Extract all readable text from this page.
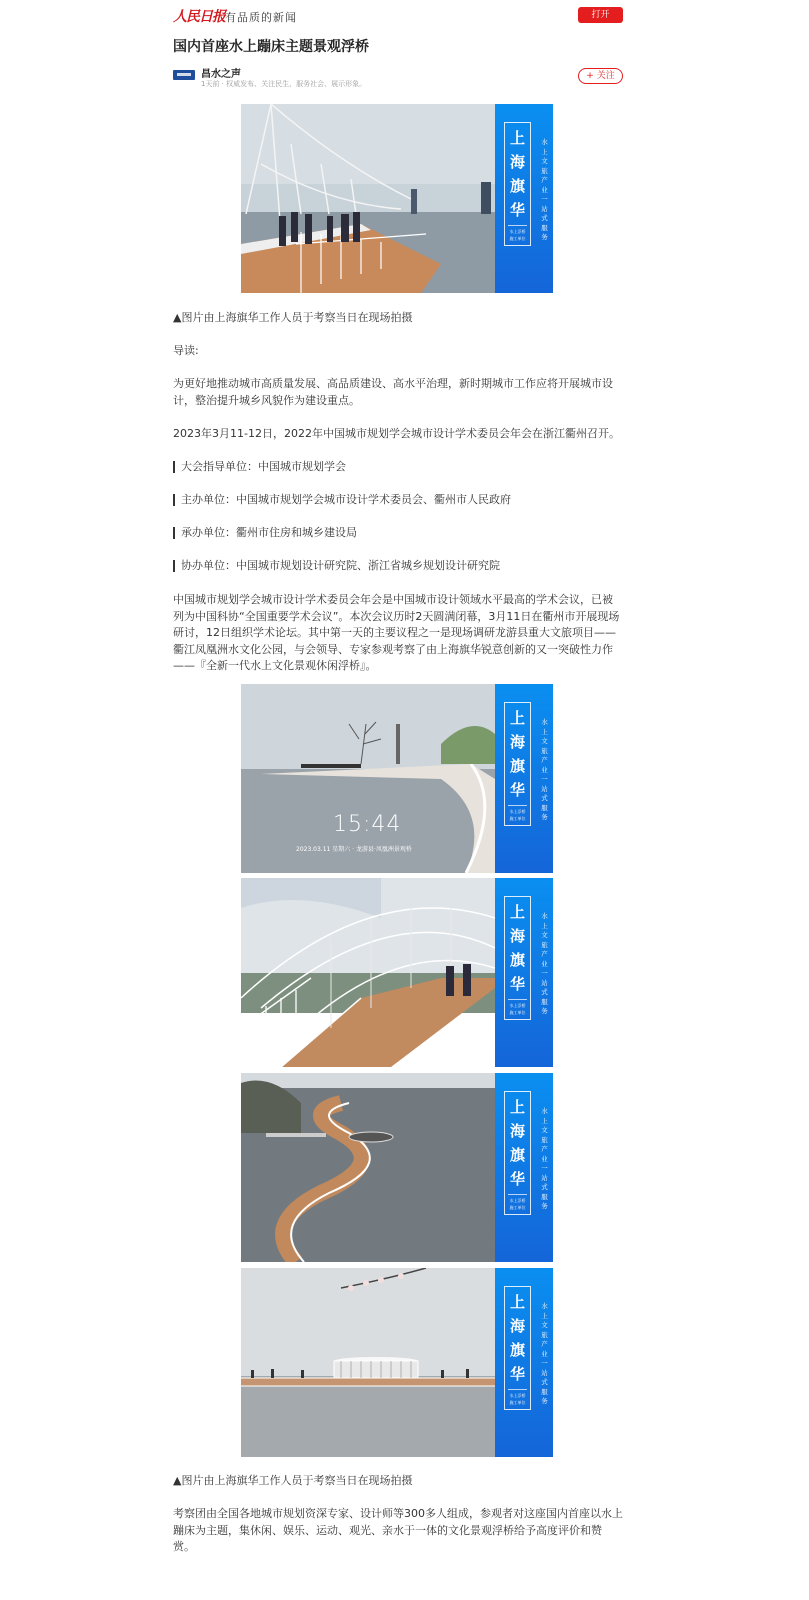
人民日报 有品质的新闻	打开
国内首座水上蹦床主题景观浮桥
昌水之声
1天前 · 权威发布、关注民生、服务社会、展示形象。
+ 关注
上
海
旗
华
水上浮桥
施工单位
水上文旅产业一站式服务
▲图片由上海旗华工作人员于考察当日在现场拍摄
导读:
为更好地推动城市高质量发展、高品质建设、高水平治理，新时期城市工作应将开展城市设计，整治提升城乡风貌作为建设重点。
2023年3月11-12日，2022年中国城市规划学会城市设计学术委员会年会在浙江衢州召开。
大会指导单位：中国城市规划学会
主办单位：中国城市规划学会城市设计学术委员会、衢州市人民政府
承办单位：衢州市住房和城乡建设局
协办单位：中国城市规划设计研究院、浙江省城乡规划设计研究院
中国城市规划学会城市设计学术委员会年会是中国城市设计领域水平最高的学术会议，已被列为中国科协“全国重要学术会议”。本次会议历时2天圆满闭幕，3月11日在衢州市开展现场研讨，12日组织学术论坛。其中第一天的主要议程之一是现场调研龙游县重大文旅项目——衢江凤凰洲水文化公园，与会领导、专家参观考察了由上海旗华锐意创新的又一突破性力作——『全新一代水上文化景观休闲浮桥』。
15:44
2023.03.11 星期六 · 龙游县·凤凰洲景观桥
上
海
旗
华
水上浮桥
施工单位
水上文旅产业一站式服务
上
海
旗
华
水上浮桥
施工单位
水上文旅产业一站式服务
上
海
旗
华
水上浮桥
施工单位
水上文旅产业一站式服务
上
海
旗
华
水上浮桥
施工单位
水上文旅产业一站式服务
▲图片由上海旗华工作人员于考察当日在现场拍摄
考察团由全国各地城市规划资深专家、设计师等300多人组成，参观者对这座国内首座以水上蹦床为主题，集休闲、娱乐、运动、观光、亲水于一体的文化景观浮桥给予高度评价和赞赏。
